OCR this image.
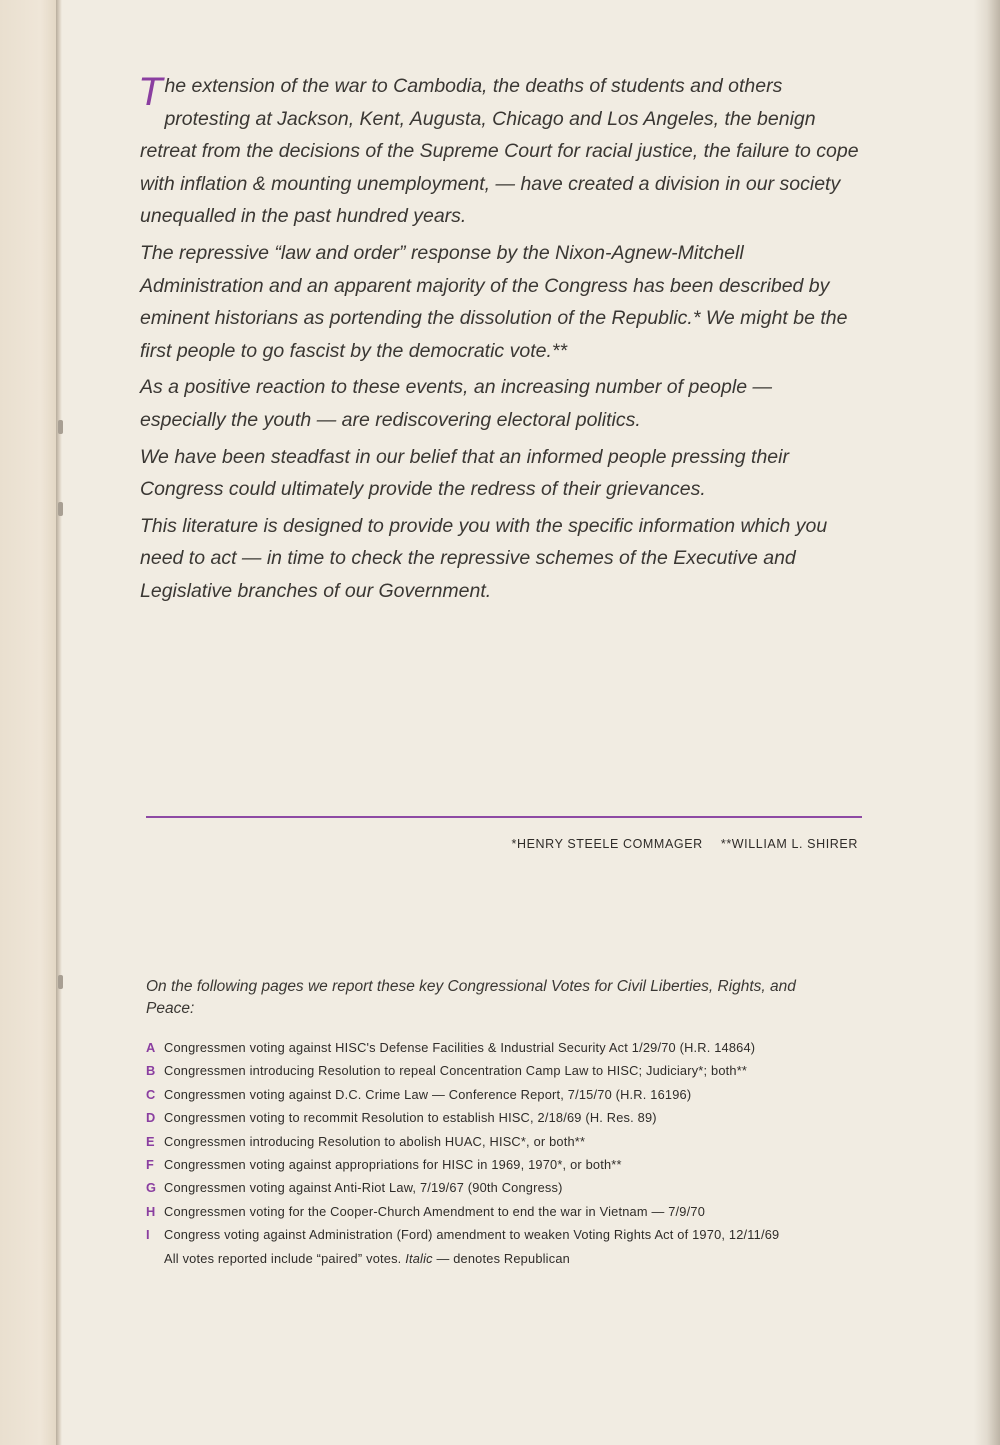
The extension of the war to Cambodia, the deaths of students and others protesting at Jackson, Kent, Augusta, Chicago and Los Angeles, the benign retreat from the decisions of the Supreme Court for racial justice, the failure to cope with inflation & mounting unemployment, — have created a division in our society unequalled in the past hundred years.

The repressive “law and order” response by the Nixon-Agnew-Mitchell Administration and an apparent majority of the Congress has been described by eminent historians as portending the dissolution of the Republic.* We might be the first people to go fascist by the democratic vote.**

As a positive reaction to these events, an increasing number of people — especially the youth — are rediscovering electoral politics.

We have been steadfast in our belief that an informed people pressing their Congress could ultimately provide the redress of their grievances.

This literature is designed to provide you with the specific information which you need to act — in time to check the repressive schemes of the Executive and Legislative branches of our Government.

*HENRY STEELE COMMAGER **WILLIAM L. SHIRER
On the following pages we report these key Congressional Votes for Civil Liberties, Rights, and Peace:
A Congressmen voting against HISC's Defense Facilities & Industrial Security Act 1/29/70 (H.R. 14864)
B Congressmen introducing Resolution to repeal Concentration Camp Law to HISC; Judiciary*; both**
C Congressmen voting against D.C. Crime Law — Conference Report, 7/15/70 (H.R. 16196)
D Congressmen voting to recommit Resolution to establish HISC, 2/18/69 (H. Res. 89)
E Congressmen introducing Resolution to abolish HUAC, HISC*, or both**
F Congressmen voting against appropriations for HISC in 1969, 1970*, or both**
G Congressmen voting against Anti-Riot Law, 7/19/67 (90th Congress)
H Congressmen voting for the Cooper-Church Amendment to end the war in Vietnam — 7/9/70
I Congress voting against Administration (Ford) amendment to weaken Voting Rights Act of 1970, 12/11/69
All votes reported include “paired” votes. Italic — denotes Republican
